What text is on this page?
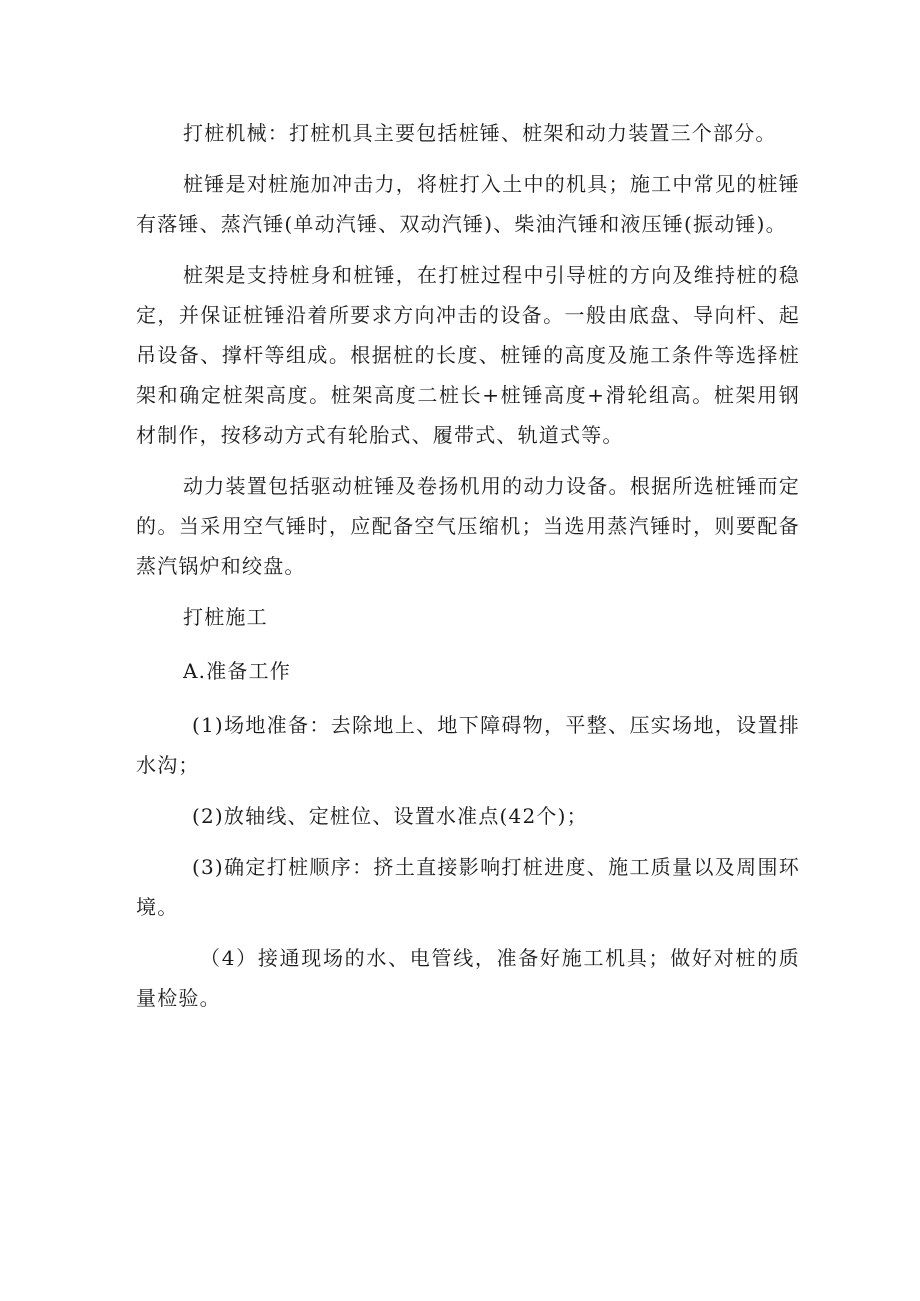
打桩机械：打桩机具主要包括桩锤、桩架和动力装置三个部分。

桩锤是对桩施加冲击力，将桩打入土中的机具；施工中常见的桩锤有落锤、蒸汽锤(单动汽锤、双动汽锤)、柴油汽锤和液压锤(振动锤)。

桩架是支持桩身和桩锤，在打桩过程中引导桩的方向及维持桩的稳定，并保证桩锤沿着所要求方向冲击的设备。一般由底盘、导向杆、起吊设备、撑杆等组成。根据桩的长度、桩锤的高度及施工条件等选择桩架和确定桩架高度。桩架高度二桩长+桩锤高度+滑轮组高。桩架用钢材制作，按移动方式有轮胎式、履带式、轨道式等。

动力装置包括驱动桩锤及卷扬机用的动力设备。根据所选桩锤而定的。当采用空气锤时，应配备空气压缩机；当选用蒸汽锤时，则要配备蒸汽锅炉和绞盘。

打桩施工

A.准备工作

(1)场地准备：去除地上、地下障碍物，平整、压实场地，设置排水沟；

(2)放轴线、定桩位、设置水准点(42个)；

(3)确定打桩顺序：挤土直接影响打桩进度、施工质量以及周围环境。

（4）接通现场的水、电管线，准备好施工机具；做好对桩的质量检验。
